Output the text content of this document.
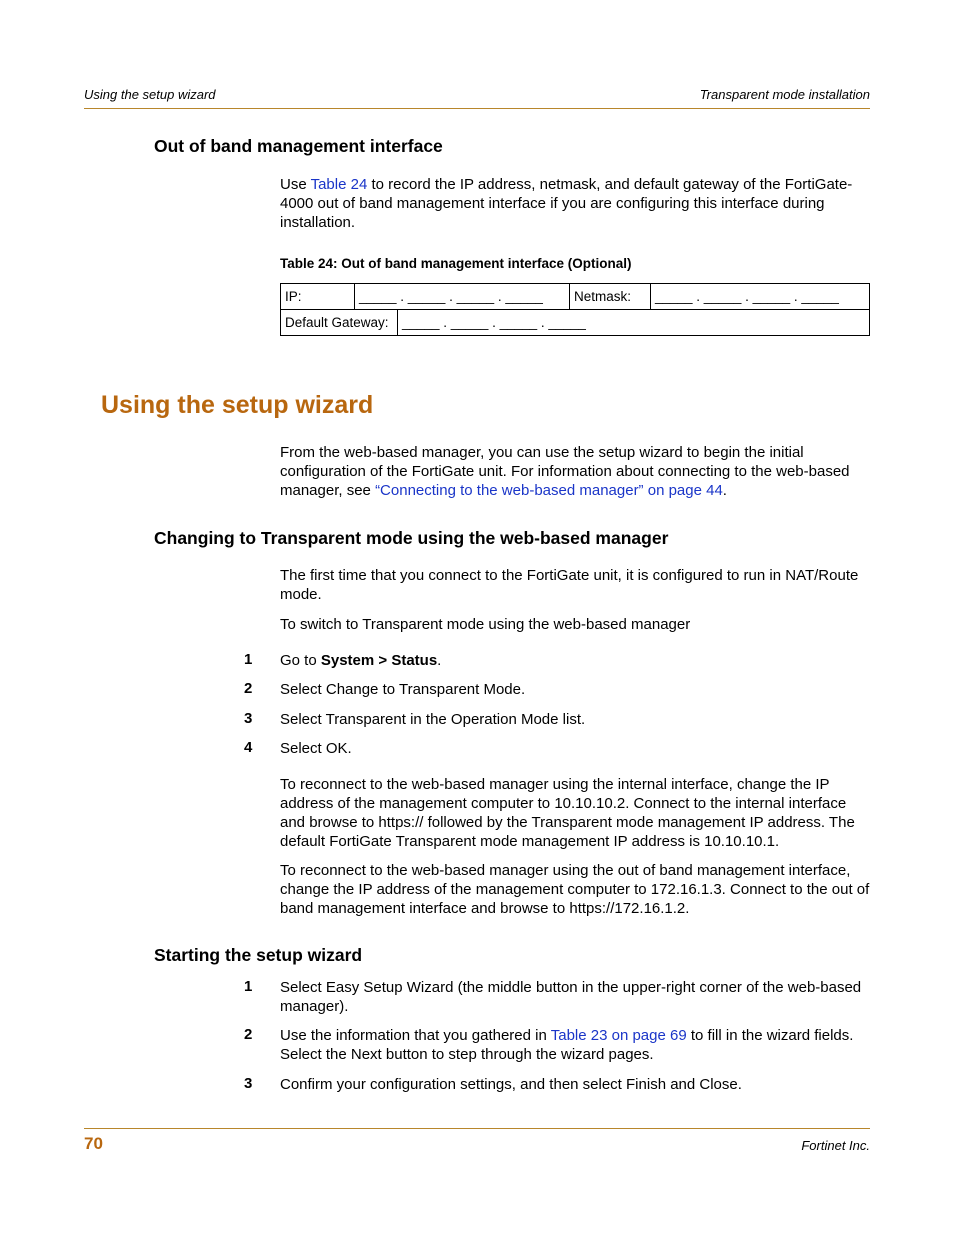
Using the setup wizard	Transparent mode installation
Out of band management interface
Use Table 24 to record the IP address, netmask, and default gateway of the FortiGate-4000 out of band management interface if you are configuring this interface during installation.
Table 24: Out of band management interface (Optional)
IP:	_____ . _____ . _____ . _____	Netmask:	_____ . _____ . _____ . _____
Default Gateway:	_____ . _____ . _____ . _____
Using the setup wizard
From the web-based manager, you can use the setup wizard to begin the initial configuration of the FortiGate unit. For information about connecting to the web-based manager, see “Connecting to the web-based manager” on page 44.
Changing to Transparent mode using the web-based manager
The first time that you connect to the FortiGate unit, it is configured to run in NAT/Route mode.
To switch to Transparent mode using the web-based manager
1 Go to System > Status.
2 Select Change to Transparent Mode.
3 Select Transparent in the Operation Mode list.
4 Select OK.
To reconnect to the web-based manager using the internal interface, change the IP address of the management computer to 10.10.10.2. Connect to the internal interface and browse to https:// followed by the Transparent mode management IP address. The default FortiGate Transparent mode management IP address is 10.10.10.1.
To reconnect to the web-based manager using the out of band management interface, change the IP address of the management computer to 172.16.1.3. Connect to the out of band management interface and browse to https://172.16.1.2.
Starting the setup wizard
1 Select Easy Setup Wizard (the middle button in the upper-right corner of the web-based manager).
2 Use the information that you gathered in Table 23 on page 69 to fill in the wizard fields. Select the Next button to step through the wizard pages.
3 Confirm your configuration settings, and then select Finish and Close.
70	Fortinet Inc.
